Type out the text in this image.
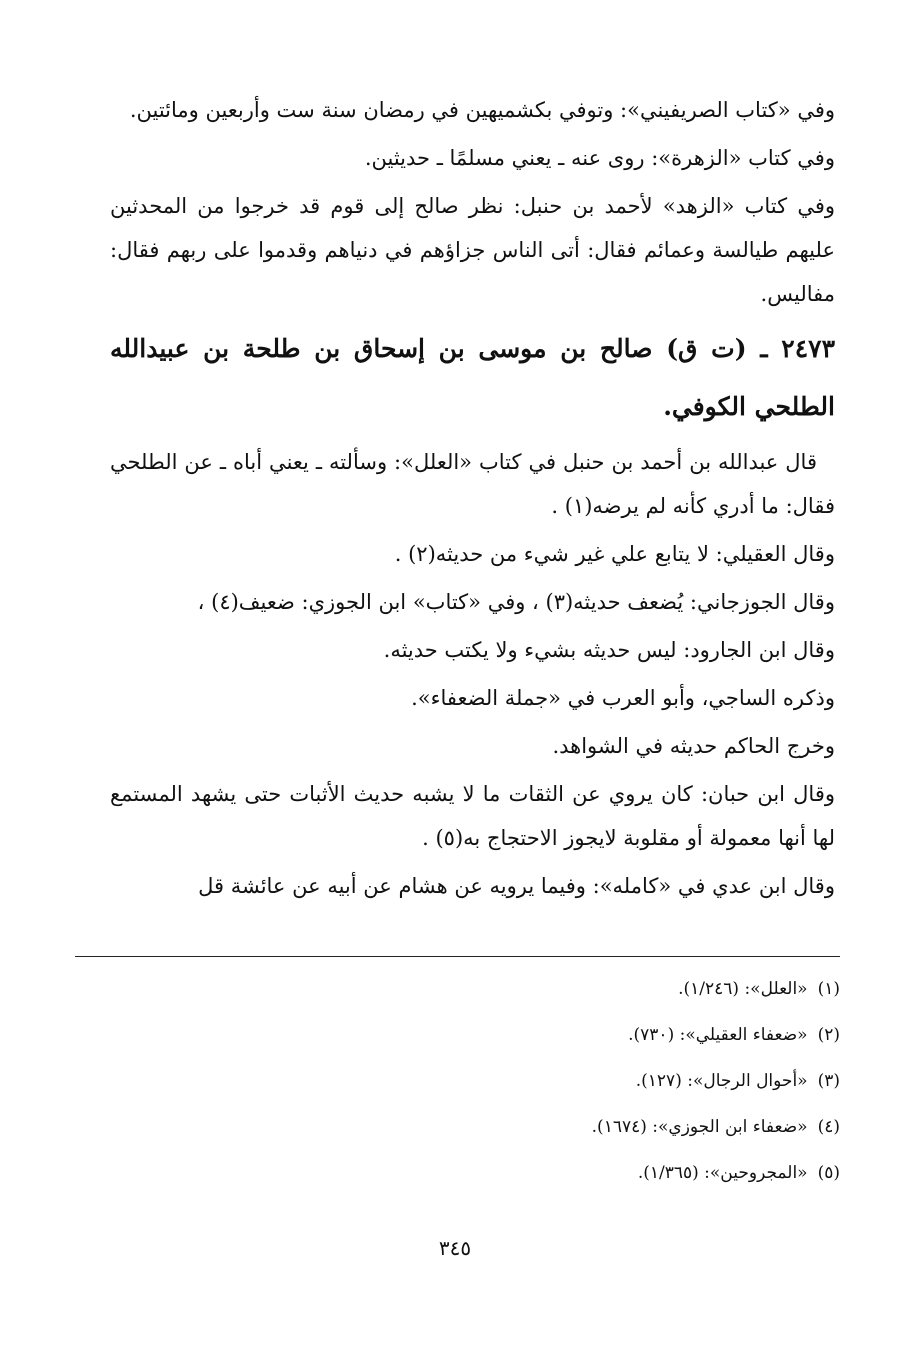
وفي «كتاب الصريفيني»: وتوفي بكشميهين في رمضان سنة ست وأربعين ومائتين.

وفي كتاب «الزهرة»: روى عنه ـ يعني مسلمًا ـ حديثين.

وفي كتاب «الزهد» لأحمد بن حنبل: نظر صالح إلى قوم قد خرجوا من المحدثين عليهم طيالسة وعمائم فقال: أتى الناس جزاؤهم في دنياهم وقدموا على ربهم فقال: مفاليس.

٢٤٧٣ ـ (ت ق) صالح بن موسى بن إسحاق بن طلحة بن عبيدالله الطلحي الكوفي.

قال عبدالله بن أحمد بن حنبل في كتاب «العلل»: وسألته ـ يعني أباه ـ عن الطلحي فقال: ما أدري كأنه لم يرضه(١) .

وقال العقيلي: لا يتابع علي غير شيء من حديثه(٢) .

وقال الجوزجاني: يُضعف حديثه(٣) ، وفي «كتاب» ابن الجوزي: ضعيف(٤) ،

وقال ابن الجارود: ليس حديثه بشيء ولا يكتب حديثه.

وذكره الساجي، وأبو العرب في «جملة الضعفاء».

وخرج الحاكم حديثه في الشواهد.

وقال ابن حبان: كان يروي عن الثقات ما لا يشبه حديث الأثبات حتى يشهد المستمع لها أنها معمولة أو مقلوبة لايجوز الاحتجاج به(٥) .

وقال ابن عدي في «كامله»: وفيما يرويه عن هشام عن أبيه عن عائشة قل

(١)«العلل»: (١/٢٤٦).
(٢)«ضعفاء العقيلي»: (٧٣٠).
(٣)«أحوال الرجال»: (١٢٧).
(٤)«ضعفاء ابن الجوزي»: (١٦٧٤).
(٥)«المجروحين»: (١/٣٦٥).
٣٤٥
